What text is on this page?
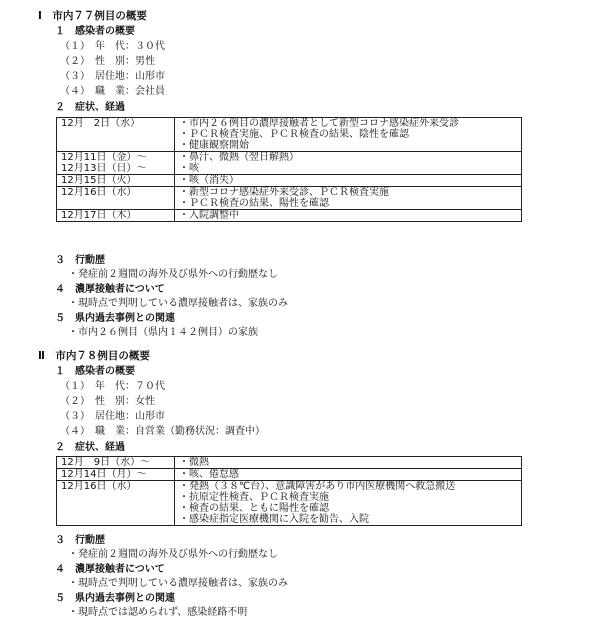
Ⅰ　市内７７例目の概要
１　感染者の概要
（１）　年　代：３０代
（２）　性　別：男性
（３）　居住地：山形市
（４）　職　業：会社員
２　症状、経過
12月　2日（水）	・市内２６例目の濃厚接触者として新型コロナ感染症外来受診
・ＰＣＲ検査実施、ＰＣＲ検査の結果、陰性を確認
・健康観察開始

12月11日（金）～
12月13日（日）～	・鼻汁、微熱（翌日解熱）
・咳

12月15日（火）	・咳（消失）

12月16日（水）	・新型コロナ感染症外来受診、ＰＣＲ検査実施
・ＰＣＲ検査の結果、陽性を確認

12月17日（木）	・入院調整中
３　行動歴
・発症前２週間の海外及び県外への行動歴なし
４　濃厚接触者について
・現時点で判明している濃厚接触者は、家族のみ
５　県内過去事例との関連
・市内２６例目（県内１４２例目）の家族
Ⅱ　市内７８例目の概要
１　感染者の概要
（１）　年　代：７０代
（２）　性　別：女性
（３）　居住地：山形市
（４）　職　業：自営業（勤務状況：調査中）
２　症状、経過
12月　9日（水）～	・微熱

12月14日（月）～	・咳、倦怠感

12月16日（水）	・発熱（３８℃台）、意識障害があり市内医療機関へ救急搬送
・抗原定性検査、ＰＣＲ検査実施
・検査の結果、ともに陽性を確認
・感染症指定医療機関に入院を勧告、入院
３　行動歴
・発症前２週間の海外及び県外への行動歴なし
４　濃厚接触者について
・現時点で判明している濃厚接触者は、家族のみ
５　県内過去事例との関連
・現時点では認められず、感染経路不明
